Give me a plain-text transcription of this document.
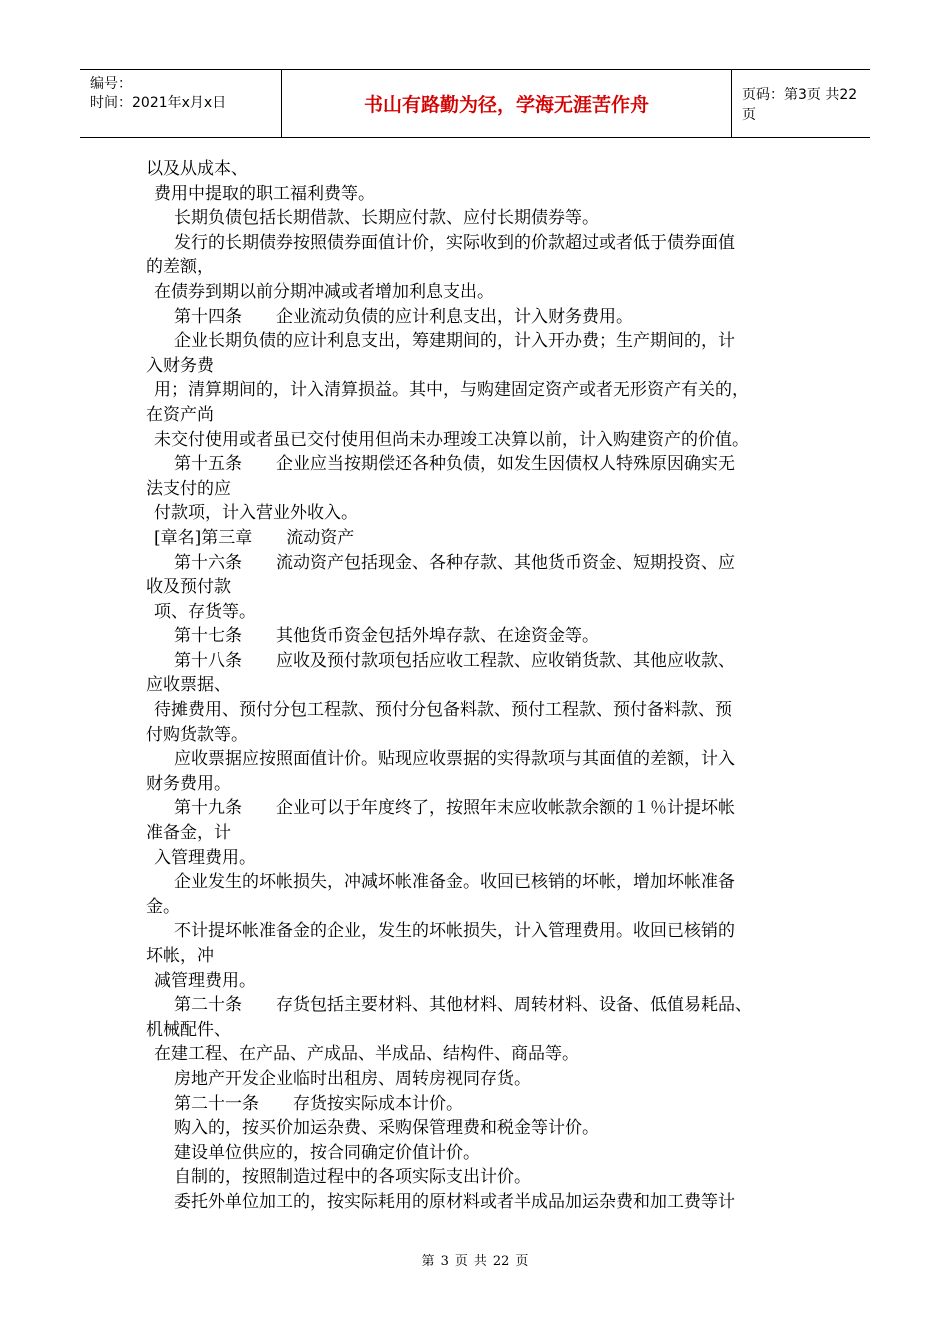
编号：
时间：2021年x月x日	书山有路勤为径，学海无涯苦作舟	页码：第3页 共22页
以及从成本、
费用中提取的职工福利费等。
长期负债包括长期借款、长期应付款、应付长期债券等。
发行的长期债券按照债券面值计价，实际收到的价款超过或者低于债券面值
的差额，
在债券到期以前分期冲减或者增加利息支出。
第十四条　　企业流动负债的应计利息支出，计入财务费用。
企业长期负债的应计利息支出，筹建期间的，计入开办费；生产期间的，计
入财务费
用；清算期间的，计入清算损益。其中，与购建固定资产或者无形资产有关的，
在资产尚
未交付使用或者虽已交付使用但尚未办理竣工决算以前，计入购建资产的价值。
第十五条　　企业应当按期偿还各种负债，如发生因债权人特殊原因确实无
法支付的应
付款项，计入营业外收入。
[章名]第三章　　流动资产
第十六条　　流动资产包括现金、各种存款、其他货币资金、短期投资、应
收及预付款
项、存货等。
第十七条　　其他货币资金包括外埠存款、在途资金等。
第十八条　　应收及预付款项包括应收工程款、应收销货款、其他应收款、
应收票据、
待摊费用、预付分包工程款、预付分包备料款、预付工程款、预付备料款、预
付购货款等。
应收票据应按照面值计价。贴现应收票据的实得款项与其面值的差额，计入
财务费用。
第十九条　　企业可以于年度终了，按照年末应收帐款余额的１％计提坏帐
准备金，计
入管理费用。
企业发生的坏帐损失，冲减坏帐准备金。收回已核销的坏帐，增加坏帐准备
金。
不计提坏帐准备金的企业，发生的坏帐损失，计入管理费用。收回已核销的
坏帐，冲
减管理费用。
第二十条　　存货包括主要材料、其他材料、周转材料、设备、低值易耗品、
机械配件、
在建工程、在产品、产成品、半成品、结构件、商品等。
房地产开发企业临时出租房、周转房视同存货。
第二十一条　　存货按实际成本计价。
购入的，按买价加运杂费、采购保管理费和税金等计价。
建设单位供应的，按合同确定价值计价。
自制的，按照制造过程中的各项实际支出计价。
委托外单位加工的，按实际耗用的原材料或者半成品加运杂费和加工费等计
第 3 页 共 22 页
